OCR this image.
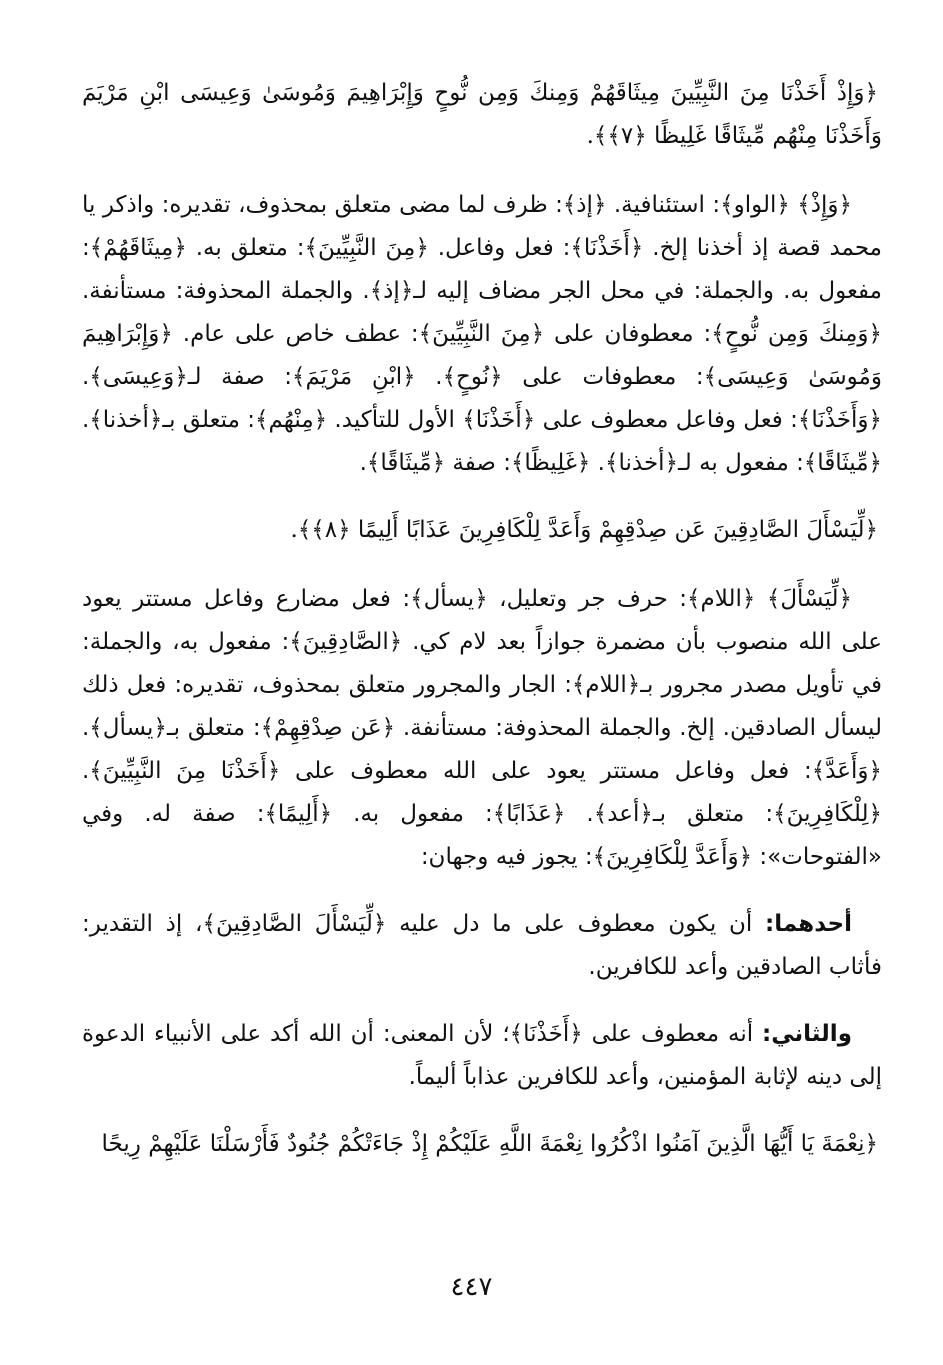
﴿وَإِذْ أَخَذْنَا مِنَ النَّبِيِّينَ مِيثَاقَهُمْ وَمِنكَ وَمِن نُّوحٍ وَإِبْرَاهِيمَ وَمُوسَىٰ وَعِيسَى ابْنِ مَرْيَمَ وَأَخَذْنَا مِنْهُم مِّيثَاقًا غَلِيظًا ﴿٧﴾﴾.

﴿وَإِذْ﴾ ﴿الواو﴾: استئنافية. ﴿إذ﴾: ظرف لما مضى متعلق بمحذوف، تقديره: واذكر يا محمد قصة إذ أخذنا إلخ. ﴿أَخَذْنَا﴾: فعل وفاعل. ﴿مِنَ النَّبِيِّينَ﴾: متعلق به. ﴿مِيثَاقَهُمْ﴾: مفعول به. والجملة: في محل الجر مضاف إليه لـ﴿إذ﴾. والجملة المحذوفة: مستأنفة. ﴿وَمِنكَ وَمِن نُّوحٍ﴾: معطوفان على ﴿مِنَ النَّبِيِّينَ﴾: عطف خاص على عام. ﴿وَإِبْرَاهِيمَ وَمُوسَىٰ وَعِيسَى﴾: معطوفات على ﴿نُوحٍ﴾. ﴿ابْنِ مَرْيَمَ﴾: صفة لـ﴿وَعِيسَى﴾. ﴿وَأَخَذْنَا﴾: فعل وفاعل معطوف على ﴿أَخَذْنَا﴾ الأول للتأكيد. ﴿مِنْهُم﴾: متعلق بـ﴿أخذنا﴾. ﴿مِّيثَاقًا﴾: مفعول به لـ﴿أخذنا﴾. ﴿غَلِيظًا﴾: صفة ﴿مِّيثَاقًا﴾.

﴿لِّيَسْأَلَ الصَّادِقِينَ عَن صِدْقِهِمْ وَأَعَدَّ لِلْكَافِرِينَ عَذَابًا أَلِيمًا ﴿٨﴾﴾.

﴿لِّيَسْأَلَ﴾ ﴿اللام﴾: حرف جر وتعليل، ﴿يسأل﴾: فعل مضارع وفاعل مستتر يعود على الله منصوب بأن مضمرة جوازاً بعد لام كي. ﴿الصَّادِقِينَ﴾: مفعول به، والجملة: في تأويل مصدر مجرور بـ﴿اللام﴾: الجار والمجرور متعلق بمحذوف، تقديره: فعل ذلك ليسأل الصادقين. إلخ. والجملة المحذوفة: مستأنفة. ﴿عَن صِدْقِهِمْ﴾: متعلق بـ﴿يسأل﴾. ﴿وَأَعَدَّ﴾: فعل وفاعل مستتر يعود على الله معطوف على ﴿أَخَذْنَا مِنَ النَّبِيِّينَ﴾. ﴿لِلْكَافِرِينَ﴾: متعلق بـ﴿أعد﴾. ﴿عَذَابًا﴾: مفعول به. ﴿أَلِيمًا﴾: صفة له. وفي «الفتوحات»: ﴿وَأَعَدَّ لِلْكَافِرِينَ﴾: يجوز فيه وجهان:

أحدهما: أن يكون معطوف على ما دل عليه ﴿لِّيَسْأَلَ الصَّادِقِينَ﴾، إذ التقدير: فأثاب الصادقين وأعد للكافرين.

والثاني: أنه معطوف على ﴿أَخَذْنَا﴾؛ لأن المعنى: أن الله أكد على الأنبياء الدعوة إلى دينه لإثابة المؤمنين، وأعد للكافرين عذاباً أليماً.

﴿نِعْمَةَ يَا أَيُّهَا الَّذِينَ آمَنُوا اذْكُرُوا نِعْمَةَ اللَّهِ عَلَيْكُمْ إِذْ جَاءَتْكُمْ جُنُودٌ فَأَرْسَلْنَا عَلَيْهِمْ رِيحًا

٤٤٧
